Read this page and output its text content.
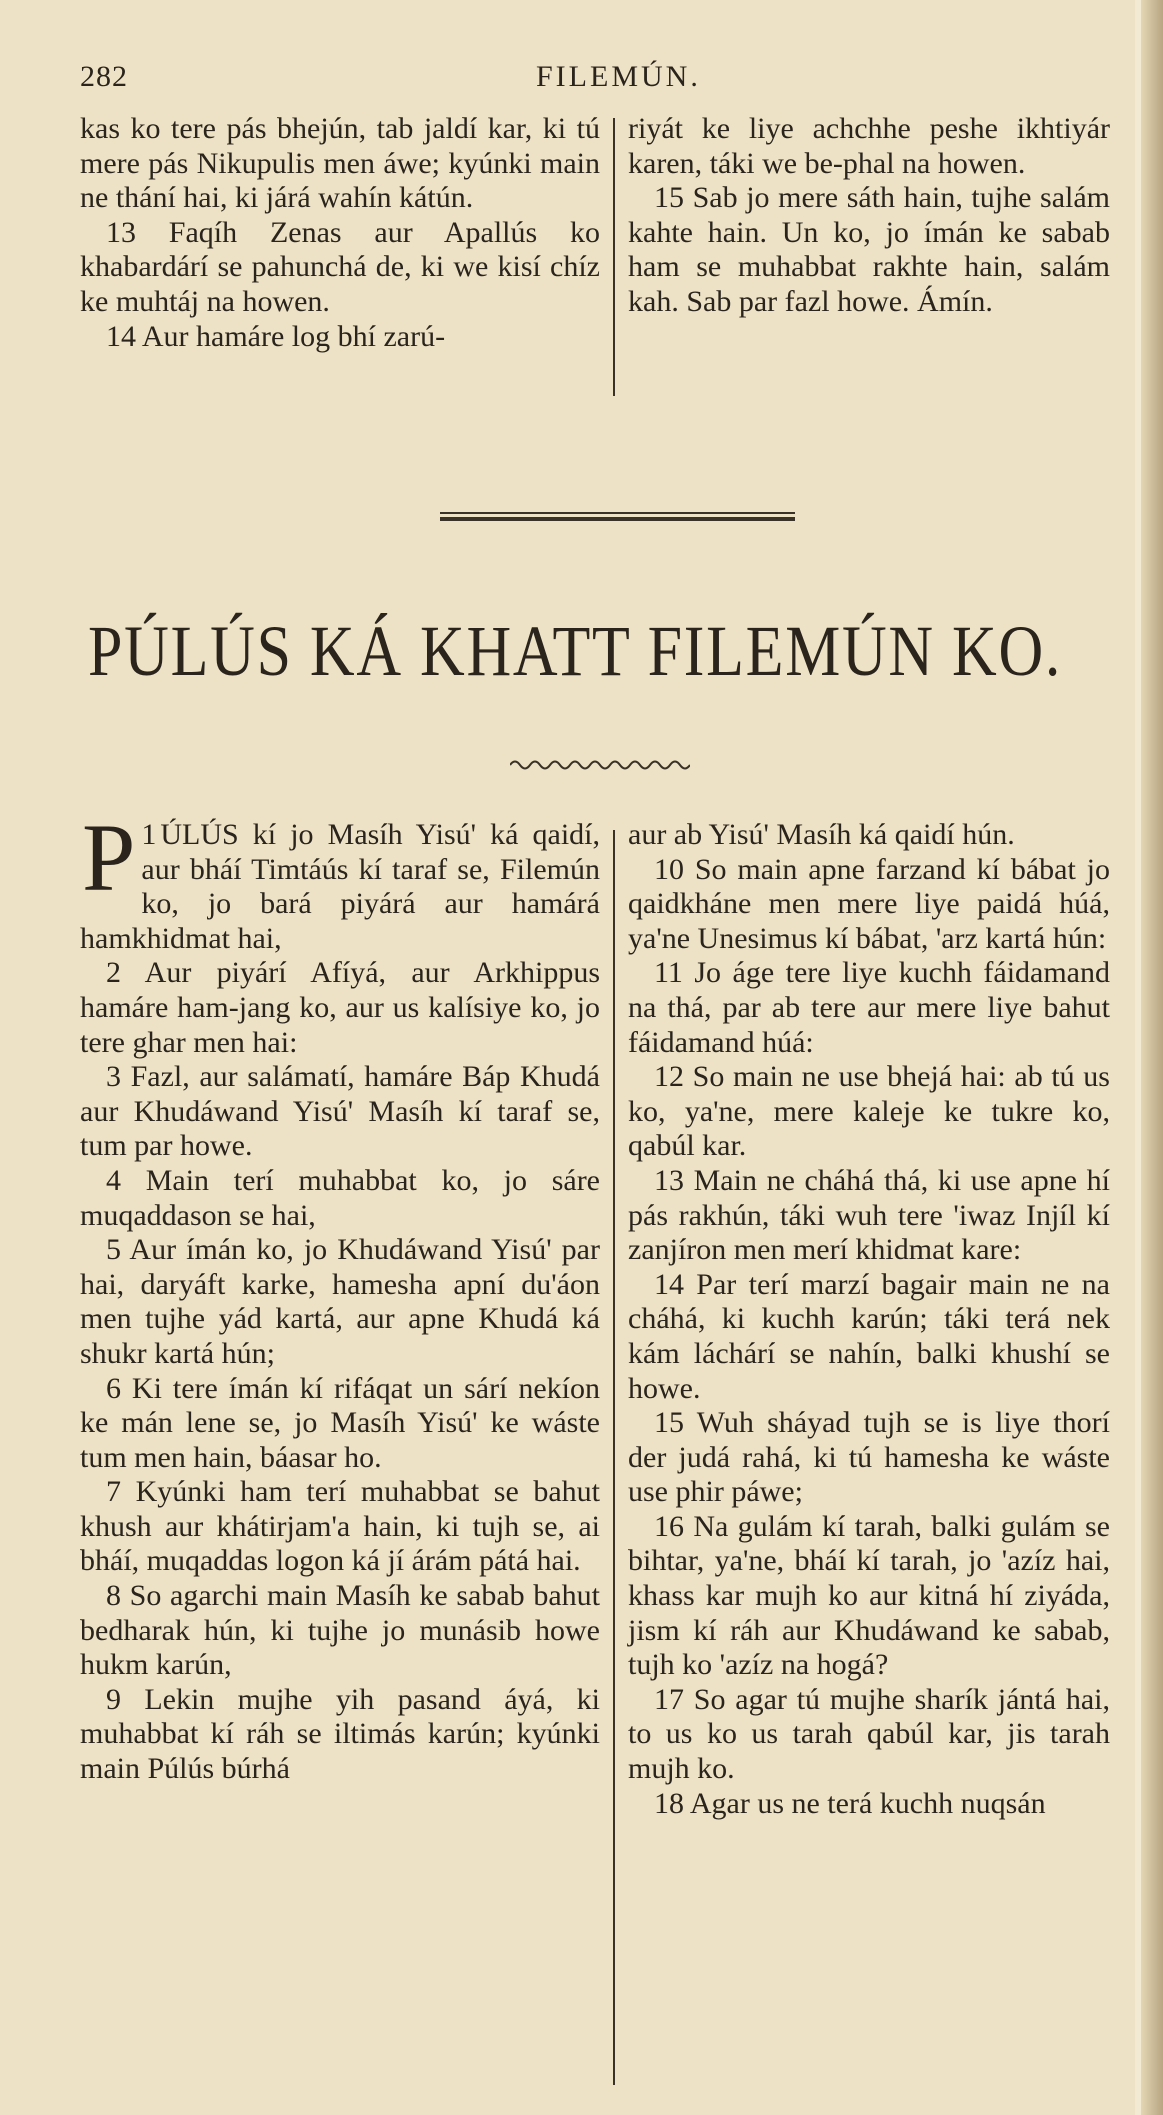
282	FILEMÚN.

kas ko tere pás bhejún, tab jaldí kar, ki tú mere pás Nikupulis men áwe; kyúnki main ne thání hai, ki járá wahín kátún.

13 Faqíh Zenas aur Apallús ko khabardárí se pahunchá de, ki we kisí chíz ke muhtáj na howen.

14 Aur hamáre log bhí zarú-

riyát ke liye achchhe peshe ikhtiyár karen, táki we be-phal na howen.

15 Sab jo mere sáth hain, tujhe salám kahte hain. Un ko, jo ímán ke sabab ham se muhabbat rakhte hain, salám kah. Sab par fazl howe. Ámín.

PÚLÚS KÁ KHATT FILEMÚN KO.

1
P ÚLÚS kí jo Masíh Yisú' ká qaidí, aur bháí Timtáús kí taraf se, Filemún ko, jo bará piyárá aur hamárá hamkhidmat hai,

2 Aur piyárí Afíyá, aur Arkhippus hamáre ham-jang ko, aur us kalísiye ko, jo tere ghar men hai:

3 Fazl, aur salámatí, hamáre Báp Khudá aur Khudáwand Yisú' Masíh kí taraf se, tum par howe.

4 Main terí muhabbat ko, jo sáre muqaddason se hai,

5 Aur ímán ko, jo Khudáwand Yisú' par hai, daryáft karke, hamesha apní du'áon men tujhe yád kartá, aur apne Khudá ká shukr kartá hún;

6 Ki tere ímán kí rifáqat un sárí nekíon ke mán lene se, jo Masíh Yisú' ke wáste tum men hain, báasar ho.

7 Kyúnki ham terí muhabbat se bahut khush aur khátirjam'a hain, ki tujh se, ai bháí, muqaddas logon ká jí árám pátá hai.

8 So agarchi main Masíh ke sabab bahut bedharak hún, ki tujhe jo munásib howe hukm karún,

9 Lekin mujhe yih pasand áyá, ki muhabbat kí ráh se iltimás karún; kyúnki main Púlús búrhá

aur ab Yisú' Masíh ká qaidí hún.

10 So main apne farzand kí bábat jo qaidkháne men mere liye paidá húá, ya'ne Unesimus kí bábat, 'arz kartá hún:

11 Jo áge tere liye kuchh fáidamand na thá, par ab tere aur mere liye bahut fáidamand húá:

12 So main ne use bhejá hai: ab tú us ko, ya'ne, mere kaleje ke tukre ko, qabúl kar.

13 Main ne cháhá thá, ki use apne hí pás rakhún, táki wuh tere 'iwaz Injíl kí zanjíron men merí khidmat kare:

14 Par terí marzí bagair main ne na cháhá, ki kuchh karún; táki terá nek kám láchárí se nahín, balki khushí se howe.

15 Wuh sháyad tujh se is liye thorí der judá rahá, ki tú hamesha ke wáste use phir páwe;

16 Na gulám kí tarah, balki gulám se bihtar, ya'ne, bháí kí tarah, jo 'azíz hai, khass kar mujh ko aur kitná hí ziyáda, jism kí ráh aur Khudáwand ke sabab, tujh ko 'azíz na hogá?

17 So agar tú mujhe sharík jántá hai, to us ko us tarah qabúl kar, jis tarah mujh ko.

18 Agar us ne terá kuchh nuqsán
